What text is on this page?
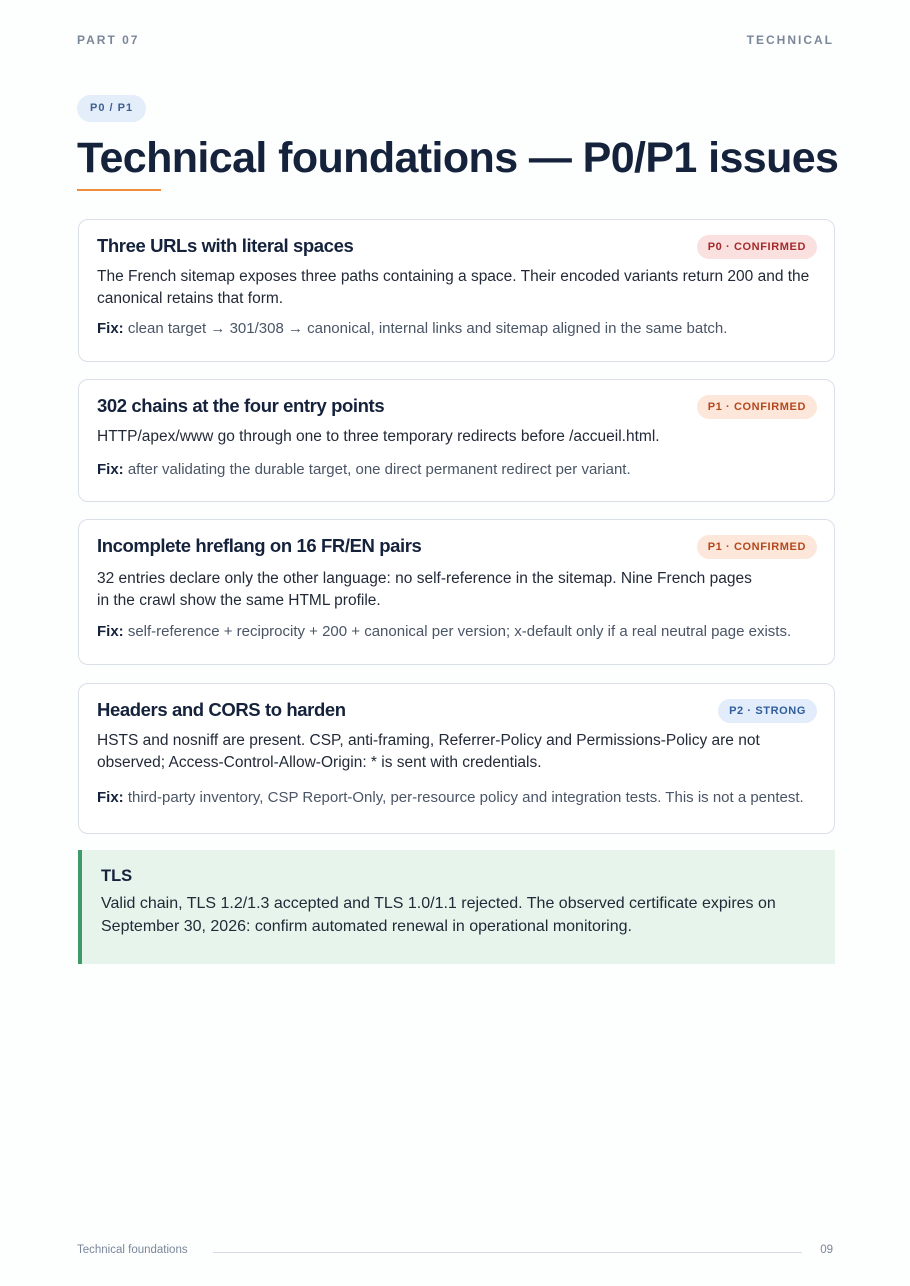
PART 07	TECHNICAL
P0 / P1
Technical foundations — P0/P1 issues
Three URLs with literal spaces	P0 · CONFIRMED
The French sitemap exposes three paths containing a space. Their encoded variants return 200 and the canonical retains that form.
Fix: clean target → 301/308 → canonical, internal links and sitemap aligned in the same batch.
302 chains at the four entry points	P1 · CONFIRMED
HTTP/apex/www go through one to three temporary redirects before /accueil.html.
Fix: after validating the durable target, one direct permanent redirect per variant.
Incomplete hreflang on 16 FR/EN pairs	P1 · CONFIRMED
32 entries declare only the other language: no self-reference in the sitemap. Nine French pages in the crawl show the same HTML profile.
Fix: self-reference + reciprocity + 200 + canonical per version; x-default only if a real neutral page exists.
Headers and CORS to harden	P2 · STRONG
HSTS and nosniff are present. CSP, anti-framing, Referrer-Policy and Permissions-Policy are not observed; Access-Control-Allow-Origin: * is sent with credentials.
Fix: third-party inventory, CSP Report-Only, per-resource policy and integration tests. This is not a pentest.
TLS
Valid chain, TLS 1.2/1.3 accepted and TLS 1.0/1.1 rejected. The observed certificate expires on September 30, 2026: confirm automated renewal in operational monitoring.
Technical foundations	09
